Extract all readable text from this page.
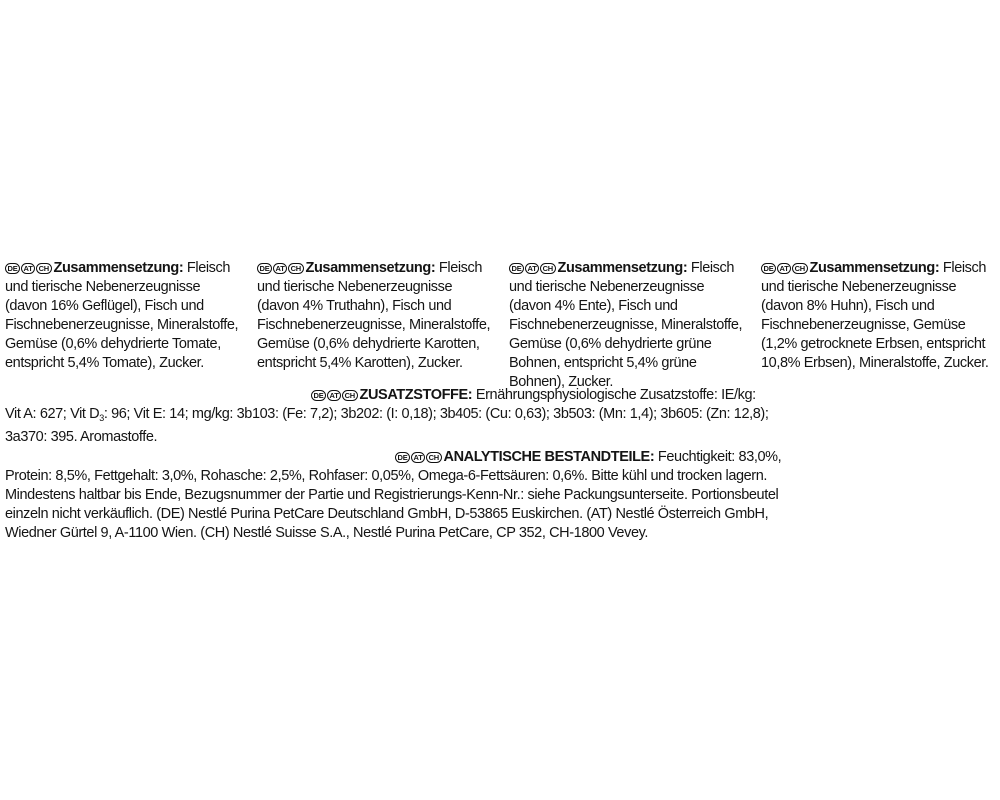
DE AT CH Zusammensetzung: Fleisch und tierische Nebenerzeugnisse (davon 16% Geflügel), Fisch und Fischnebenerzeugnisse, Mineralstoffe, Gemüse (0,6% dehydrierte Tomate, entspricht 5,4% Tomate), Zucker.

DE AT CH Zusammensetzung: Fleisch und tierische Nebenerzeugnisse (davon 4% Truthahn), Fisch und Fischnebenerzeugnisse, Mineralstoffe, Gemüse (0,6% dehydrierte Karotten, entspricht 5,4% Karotten), Zucker.

DE AT CH Zusammensetzung: Fleisch und tierische Nebenerzeugnisse (davon 4% Ente), Fisch und Fischnebenerzeugnisse, Mineralstoffe, Gemüse (0,6% dehydrierte grüne Bohnen, entspricht 5,4% grüne Bohnen), Zucker.

DE AT CH Zusammensetzung: Fleisch und tierische Nebenerzeugnisse (davon 8% Huhn), Fisch und Fischnebenerzeugnisse, Gemüse (1,2% getrocknete Erbsen, entspricht 10,8% Erbsen), Mineralstoffe, Zucker.

DE AT CH ZUSATZSTOFFE: Ernährungsphysiologische Zusatzstoffe: IE/kg:
Vit A: 627; Vit $D_3$: 96; Vit E: 14; mg/kg: 3b103: (Fe: 7,2); 3b202: (I: 0,18); 3b405: (Cu: 0,63); 3b503: (Mn: 1,4); 3b605: (Zn: 12,8);
3a370: 395. Aromastoffe.
DE AT CH ANALYTISCHE BESTANDTEILE: Feuchtigkeit: 83,0%,
Protein: 8,5%, Fettgehalt: 3,0%, Rohasche: 2,5%, Rohfaser: 0,05%, Omega-6-Fettsäuren: 0,6%. Bitte kühl und trocken lagern.
Mindestens haltbar bis Ende, Bezugsnummer der Partie und Registrierungs-Kenn-Nr.: siehe Packungsunterseite. Portionsbeutel
einzeln nicht verkäuflich. (DE) Nestlé Purina PetCare Deutschland GmbH, D-53865 Euskirchen. (AT) Nestlé Österreich GmbH,
Wiedner Gürtel 9, A-1100 Wien. (CH) Nestlé Suisse S.A., Nestlé Purina PetCare, CP 352, CH-1800 Vevey.
